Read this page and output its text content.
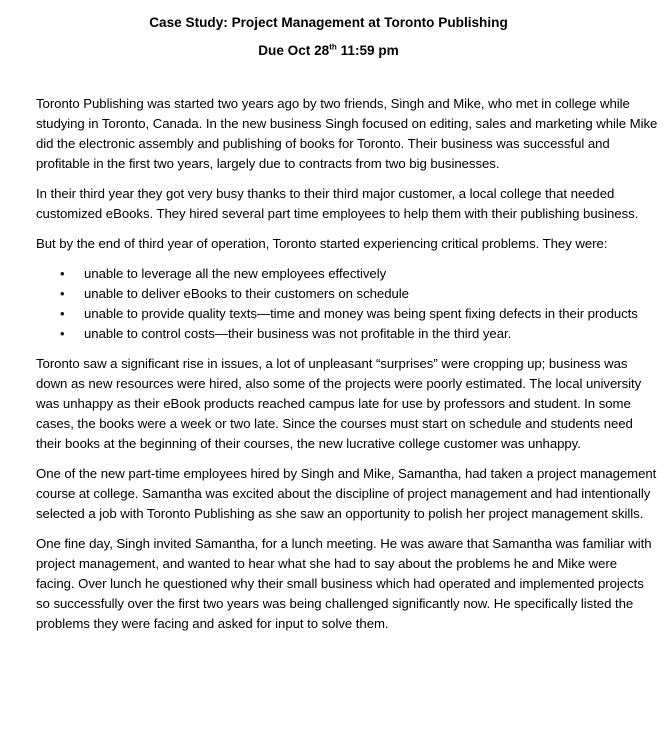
Case Study: Project Management at Toronto Publishing
Due Oct 28th 11:59 pm

Toronto Publishing was started two years ago by two friends, Singh and Mike, who met in college while studying in Toronto, Canada. In the new business Singh focused on editing, sales and marketing while Mike did the electronic assembly and publishing of books for Toronto. Their business was successful and profitable in the first two years, largely due to contracts from two big businesses.

In their third year they got very busy thanks to their third major customer, a local college that needed customized eBooks. They hired several part time employees to help them with their publishing business.

But by the end of third year of operation, Toronto started experiencing critical problems. They were:

• unable to leverage all the new employees effectively
• unable to deliver eBooks to their customers on schedule
• unable to provide quality texts—time and money was being spent fixing defects in their products
• unable to control costs—their business was not profitable in the third year.

Toronto saw a significant rise in issues, a lot of unpleasant “surprises” were cropping up; business was down as new resources were hired, also some of the projects were poorly estimated. The local university was unhappy as their eBook products reached campus late for use by professors and student. In some cases, the books were a week or two late. Since the courses must start on schedule and students need their books at the beginning of their courses, the new lucrative college customer was unhappy.

One of the new part-time employees hired by Singh and Mike, Samantha, had taken a project management course at college. Samantha was excited about the discipline of project management and had intentionally selected a job with Toronto Publishing as she saw an opportunity to polish her project management skills.

One fine day, Singh invited Samantha, for a lunch meeting. He was aware that Samantha was familiar with project management, and wanted to hear what she had to say about the problems he and Mike were facing. Over lunch he questioned why their small business which had operated and implemented projects so successfully over the first two years was being challenged significantly now. He specifically listed the problems they were facing and asked for input to solve them.
